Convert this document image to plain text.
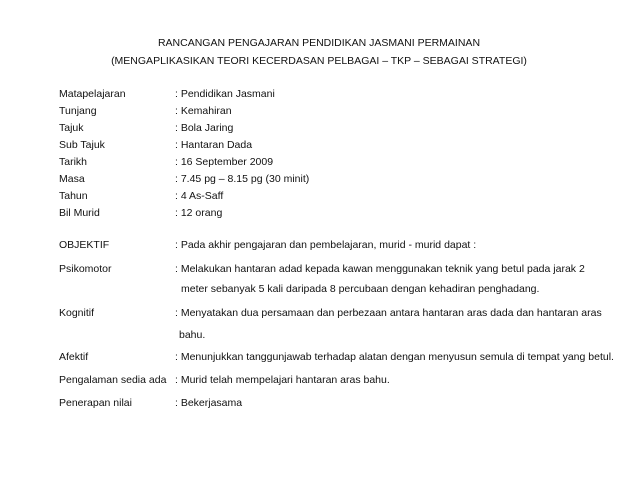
RANCANGAN PENGAJARAN PENDIDIKAN JASMANI PERMAINAN
(MENGAPLIKASIKAN TEORI KECERDASAN PELBAGAI – TKP – SEBAGAI STRATEGI)
Matapelajaran	: Pendidikan Jasmani
Tunjang	: Kemahiran
Tajuk	: Bola Jaring
Sub Tajuk	: Hantaran Dada
Tarikh	: 16 September 2009
Masa	: 7.45 pg – 8.15 pg (30 minit)
Tahun	: 4 As-Saff
Bil Murid	: 12 orang
OBJEKTIF	: Pada akhir pengajaran dan pembelajaran, murid - murid dapat :
Psikomotor	: Melakukan hantaran adad kepada kawan menggunakan teknik yang betul pada jarak 2
meter sebanyak 5 kali daripada 8 percubaan dengan kehadiran penghadang.
Kognitif	: Menyatakan dua persamaan dan perbezaan antara hantaran aras dada dan hantaran aras
bahu.
Afektif	: Menunjukkan tanggunjawab terhadap alatan dengan menyusun semula di tempat yang betul.
Pengalaman sedia ada : Murid telah mempelajari hantaran aras bahu.
Penerapan nilai	: Bekerjasama
